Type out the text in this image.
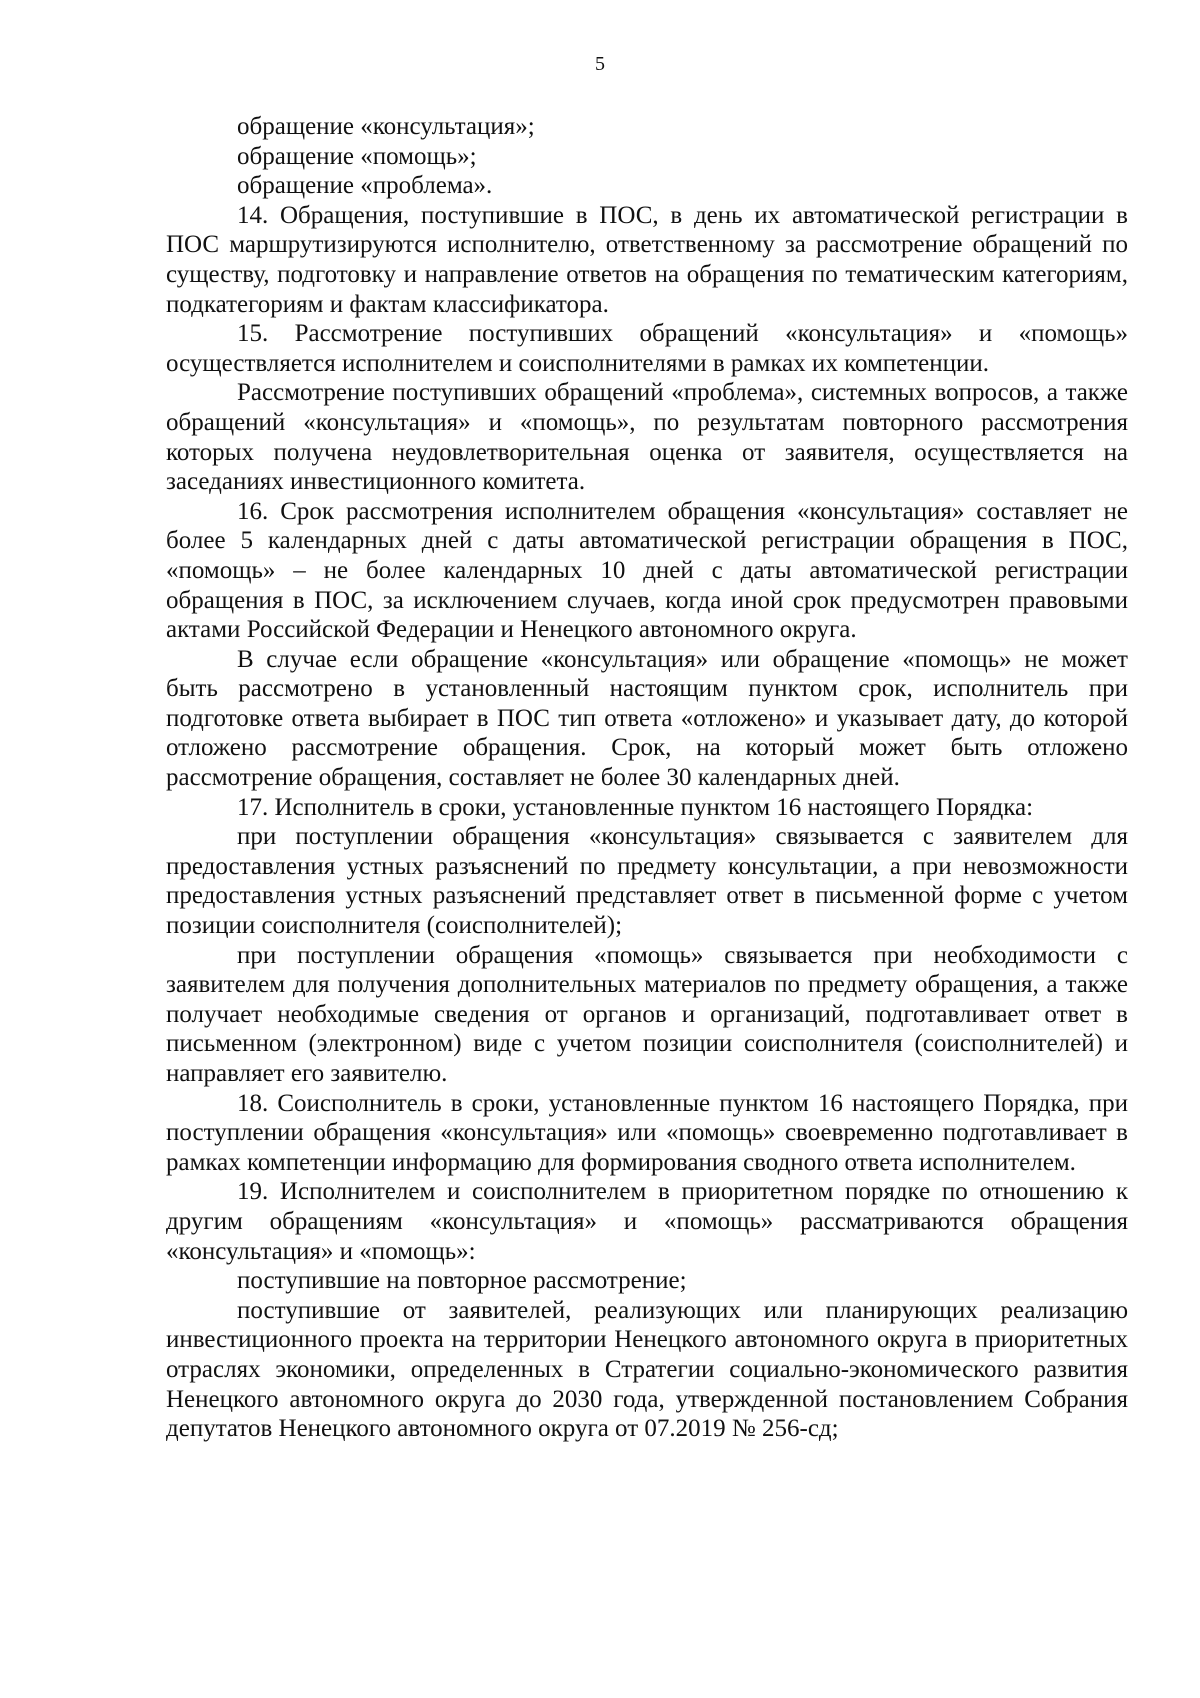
5

обращение «консультация»;

обращение «помощь»;

обращение «проблема».

14. Обращения, поступившие в ПОС, в день их автоматической регистрации в ПОС маршрутизируются исполнителю, ответственному за рассмотрение обращений по существу, подготовку и направление ответов на обращения по тематическим категориям, подкатегориям и фактам классификатора.

15. Рассмотрение поступивших обращений «консультация» и «помощь» осуществляется исполнителем и соисполнителями в рамках их компетенции.

Рассмотрение поступивших обращений «проблема», системных вопросов, а также обращений «консультация» и «помощь», по результатам повторного рассмотрения которых получена неудовлетворительная оценка от заявителя, осуществляется на заседаниях инвестиционного комитета.

16. Срок рассмотрения исполнителем обращения «консультация» составляет не более 5 календарных дней с даты автоматической регистрации обращения в ПОС, «помощь» – не более календарных 10 дней с даты автоматической регистрации обращения в ПОС, за исключением случаев, когда иной срок предусмотрен правовыми актами Российской Федерации и Ненецкого автономного округа.

В случае если обращение «консультация» или обращение «помощь» не может быть рассмотрено в установленный настоящим пунктом срок, исполнитель при подготовке ответа выбирает в ПОС тип ответа «отложено» и указывает дату, до которой отложено рассмотрение обращения. Срок, на который может быть отложено рассмотрение обращения, составляет не более 30 календарных дней.

17. Исполнитель в сроки, установленные пунктом 16 настоящего Порядка:

при поступлении обращения «консультация» связывается с заявителем для предоставления устных разъяснений по предмету консультации, а при невозможности предоставления устных разъяснений представляет ответ в письменной форме с учетом позиции соисполнителя (соисполнителей);

при поступлении обращения «помощь» связывается при необходимости с заявителем для получения дополнительных материалов по предмету обращения, а также получает необходимые сведения от органов и организаций, подготавливает ответ в письменном (электронном) виде с учетом позиции соисполнителя (соисполнителей) и направляет его заявителю.

18. Соисполнитель в сроки, установленные пунктом 16 настоящего Порядка, при поступлении обращения «консультация» или «помощь» своевременно подготавливает в рамках компетенции информацию для формирования сводного ответа исполнителем.

19. Исполнителем и соисполнителем в приоритетном порядке по отношению к другим обращениям «консультация» и «помощь» рассматриваются обращения «консультация» и «помощь»:

поступившие на повторное рассмотрение;

поступившие от заявителей, реализующих или планирующих реализацию инвестиционного проекта на территории Ненецкого автономного округа в приоритетных отраслях экономики, определенных в Стратегии социально-экономического развития Ненецкого автономного округа до 2030 года, утвержденной постановлением Собрания депутатов Ненецкого автономного округа от 07.2019 № 256-сд;
